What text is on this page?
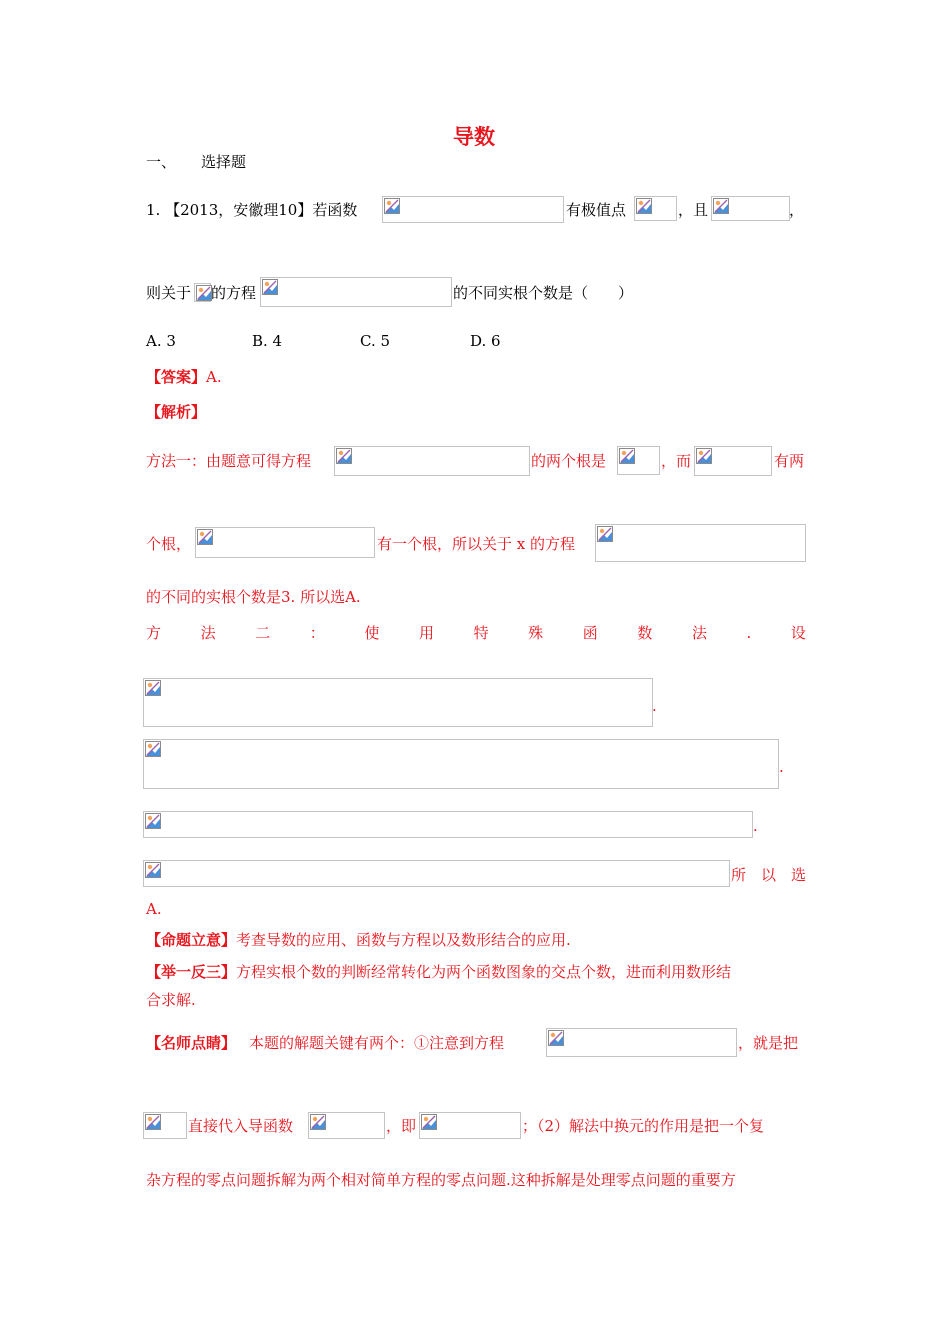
导数
一、 选择题
1. 【2013，安徽理10】若函数	有极值点	，且	，
则关于 的方程	的不同实根个数是（　　）
A. 3	B. 4	C. 5	D. 6
【答案】A.
【解析】
方法一：由题意可得方程	的两个根是	，而	有两
个根，	有一个根，所以关于 x 的方程
的不同的实根个数是3. 所以选A.
方	法	二	：	使	用	特	殊	函	数	法	.	设
.
.
.
所 以 选
A.
【命题立意】考查导数的应用、函数与方程以及数形结合的应用.
【举一反三】方程实根个数的判断经常转化为两个函数图象的交点个数，进而利用数形结
合求解.
【名师点睛】 本题的解题关键有两个：①注意到方程	，就是把
直接代入导函数	，即	；（2）解法中换元的作用是把一个复
杂方程的零点问题拆解为两个相对简单方程的零点问题.这种拆解是处理零点问题的重要方
